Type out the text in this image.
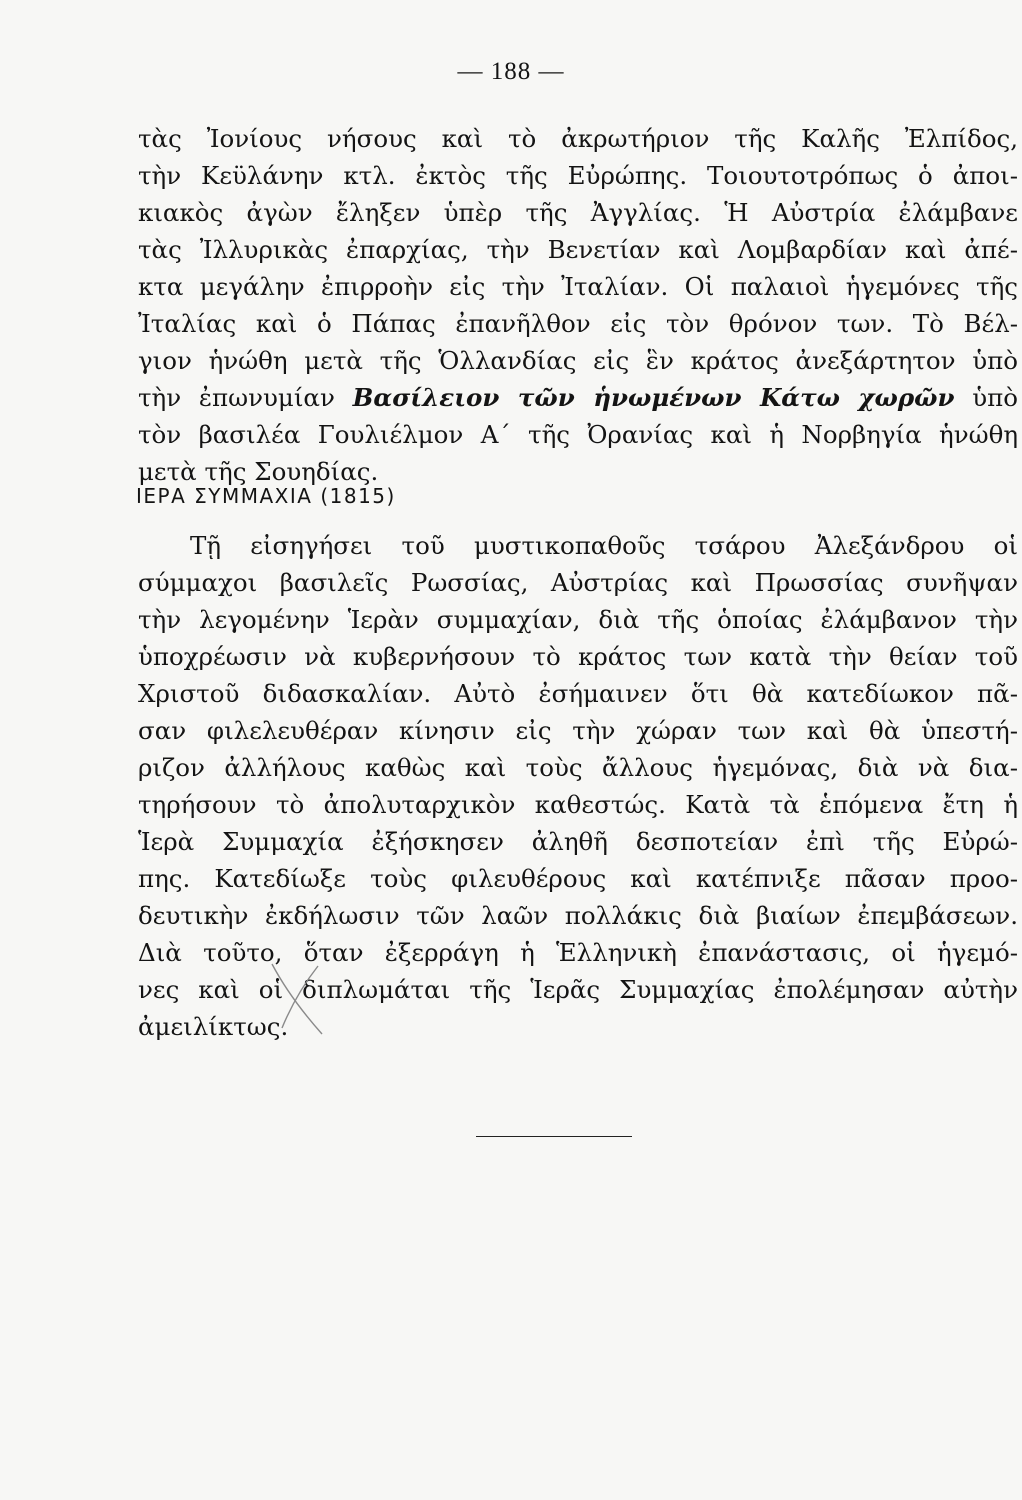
— 188 —
τὰς Ἰονίους νήσους καὶ τὸ ἀκρωτήριον τῆς Καλῆς Ἐλπίδος,
τὴν Κεϋλάνην κτλ. ἐκτὸς τῆς Εὐρώπης. Τοιουτοτρόπως ὁ ἀποι-
κιακὸς ἀγὼν ἔληξεν ὑπὲρ τῆς Ἀγγλίας. Ἡ Αὐστρία ἐλάμβανε
τὰς Ἰλλυρικὰς ἐπαρχίας, τὴν Βενετίαν καὶ Λομβαρδίαν καὶ ἀπέ-
κτα μεγάλην ἐπιρροὴν εἰς τὴν Ἰταλίαν. Οἱ παλαιοὶ ἡγεμόνες τῆς
Ἰταλίας καὶ ὁ Πάπας ἐπανῆλθον εἰς τὸν θρόνον των. Τὸ Βέλ-
γιον ἡνώθη μετὰ τῆς Ὁλλανδίας εἰς ἓν κράτος ἀνεξάρτητον ὑπὸ
τὴν ἐπωνυμίαν Βασίλειον τῶν ἡνωμένων Κάτω χωρῶν ὑπὸ
τὸν βασιλέα Γουλιέλμον Α΄ τῆς Ὀρανίας καὶ ἡ Νορβηγία ἡνώθη
μετὰ τῆς Σουηδίας.
ΙΕΡΑ ΣΥΜΜΑΧΙΑ (1815)
Τῇ εἰσηγήσει τοῦ μυστικοπαθοῦς τσάρου Ἀλεξάνδρου οἱ
σύμμαχοι βασιλεῖς Ρωσσίας, Αὐστρίας καὶ Πρωσσίας συνῆψαν
τὴν λεγομένην Ἱερὰν συμμαχίαν, διὰ τῆς ὁποίας ἐλάμβανον τὴν
ὑποχρέωσιν νὰ κυβερνήσουν τὸ κράτος των κατὰ τὴν θείαν τοῦ
Χριστοῦ διδασκαλίαν. Αὐτὸ ἐσήμαινεν ὅτι θὰ κατεδίωκον πᾶ-
σαν φιλελευθέραν κίνησιν εἰς τὴν χώραν των καὶ θὰ ὑπεστή-
ριζον ἀλλήλους καθὼς καὶ τοὺς ἄλλους ἡγεμόνας, διὰ νὰ δια-
τηρήσουν τὸ ἀπολυταρχικὸν καθεστώς. Κατὰ τὰ ἑπόμενα ἔτη ἡ
Ἱερὰ Συμμαχία ἐξήσκησεν ἀληθῆ δεσποτείαν ἐπὶ τῆς Εὐρώ-
πης. Κατεδίωξε τοὺς φιλευθέρους καὶ κατέπνιξε πᾶσαν προο-
δευτικὴν ἐκδήλωσιν τῶν λαῶν πολλάκις διὰ βιαίων ἐπεμβάσεων.
Διὰ τοῦτο, ὅταν ἐξερράγη ἡ Ἑλληνικὴ ἐπανάστασις, οἱ ἡγεμό-
νες καὶ οἱ διπλωμάται τῆς Ἱερᾶς Συμμαχίας ἐπολέμησαν αὐτὴν
ἀμειλίκτως.
